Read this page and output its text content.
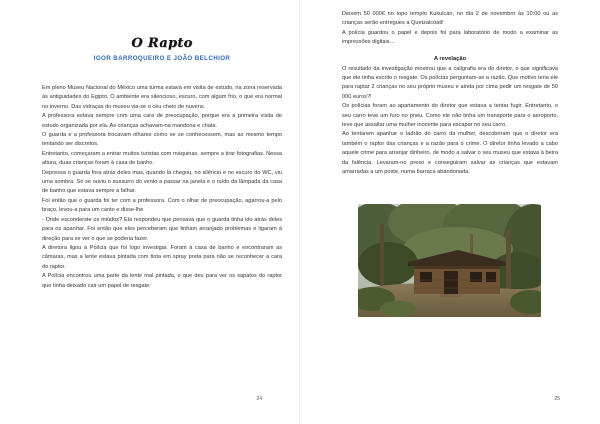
O Rapto
IGOR BARROQUEIRO E JOÃO BELCHIOR

Em pleno Museu Nacional do México uma turma estava em visita de estudo, na zona reservada às antiguidades do Egipto. O ambiente era silencioso, escuro, com algum frio, o que era normal no inverno. Das vidraças do museu via-se o céu cheio de nuvens.

A professora estava sempre com uma cara de preocupação, porque era a primeira visita de estudo organizada por ela. As crianças achavam-na mandona e chata.

O guarda e a professora trocavam olhares como se se conhecessem, mas ao mesmo tempo tentando ser discretos.

Entretanto, começaram a entrar muitos turistas com máquinas, sempre a tirar fotografias. Nessa altura, duas crianças foram à casa de banho.

Depressa o guarda fora atrás deles mas, quando lá chegou, no silêncio e no escuro do WC, viu uma sombra. Só se ouviu o sussurro do vento a passar na janela e o ruído da lâmpada da casa de banho que estava sempre a falhar.

Foi então que o guarda foi ter com a professora. Com o olhar de preocupação, agarrou-a pelo braço, levou-a para um canto e disse-lhe

- Onde esconderste os miúdos? Ela respondeu que pensava que o guarda tinha ido atrás deles para os apanhar. Foi então que eles perceberam que tinham arranjado problemas e ligaram à direção para se ver o que se poderia fazer.

A diretora ligou à Polícia que foi logo investigar. Foram à casa de banho e encontraram as câmaras, mas a lente estava pintada com tinta em spray preta para não se reconhecer a cara do raptor.

A Polícia encontrou uma parte da lente mal pintada, o que deu para ver os sapatos do raptor que tinha deixado cair um papel de resgate:

24

Deixem 50 000€ no topo templo Kukulcán, no dia 2 de novembro às 10:00 ou as crianças serão entregues a Quetzalcóatl!

A polícia guardou o papel e depois foi para laboratório de modo a examinar as impressões digitais…

A revelação

O resultado da investigação mostrou que a caligrafia era do diretor, o que significava que ele tinha escrito o resgate. Os polícias perguntam-se a razão. Que motivo teria ele para raptar 2 crianças no seu próprio museu e ainda por cima pedir um resgate de 50 000 euros?!

Os polícias foram ao apartamento do diretor que estava a tentar fugir. Entretanto, o seu carro teve um furo no pneu. Como ele não tinha um transporte para o aeroporto, teve que assaltar uma mulher inocente para escapar no seu carro.

Ao tentarem apanhar o ladrão do carro da mulher, descobriram que o diretor era também o raptor das crianças e a razão para o crime. O diretor tinha levado a cabo aquele crime para arranjar dinheiro, de modo a salvar o seu museu que estava à beira da falência. Levaram-no preso e conseguiram salvar as crianças que estavam amarradas a um poste, numa barraca abandonada.

25
